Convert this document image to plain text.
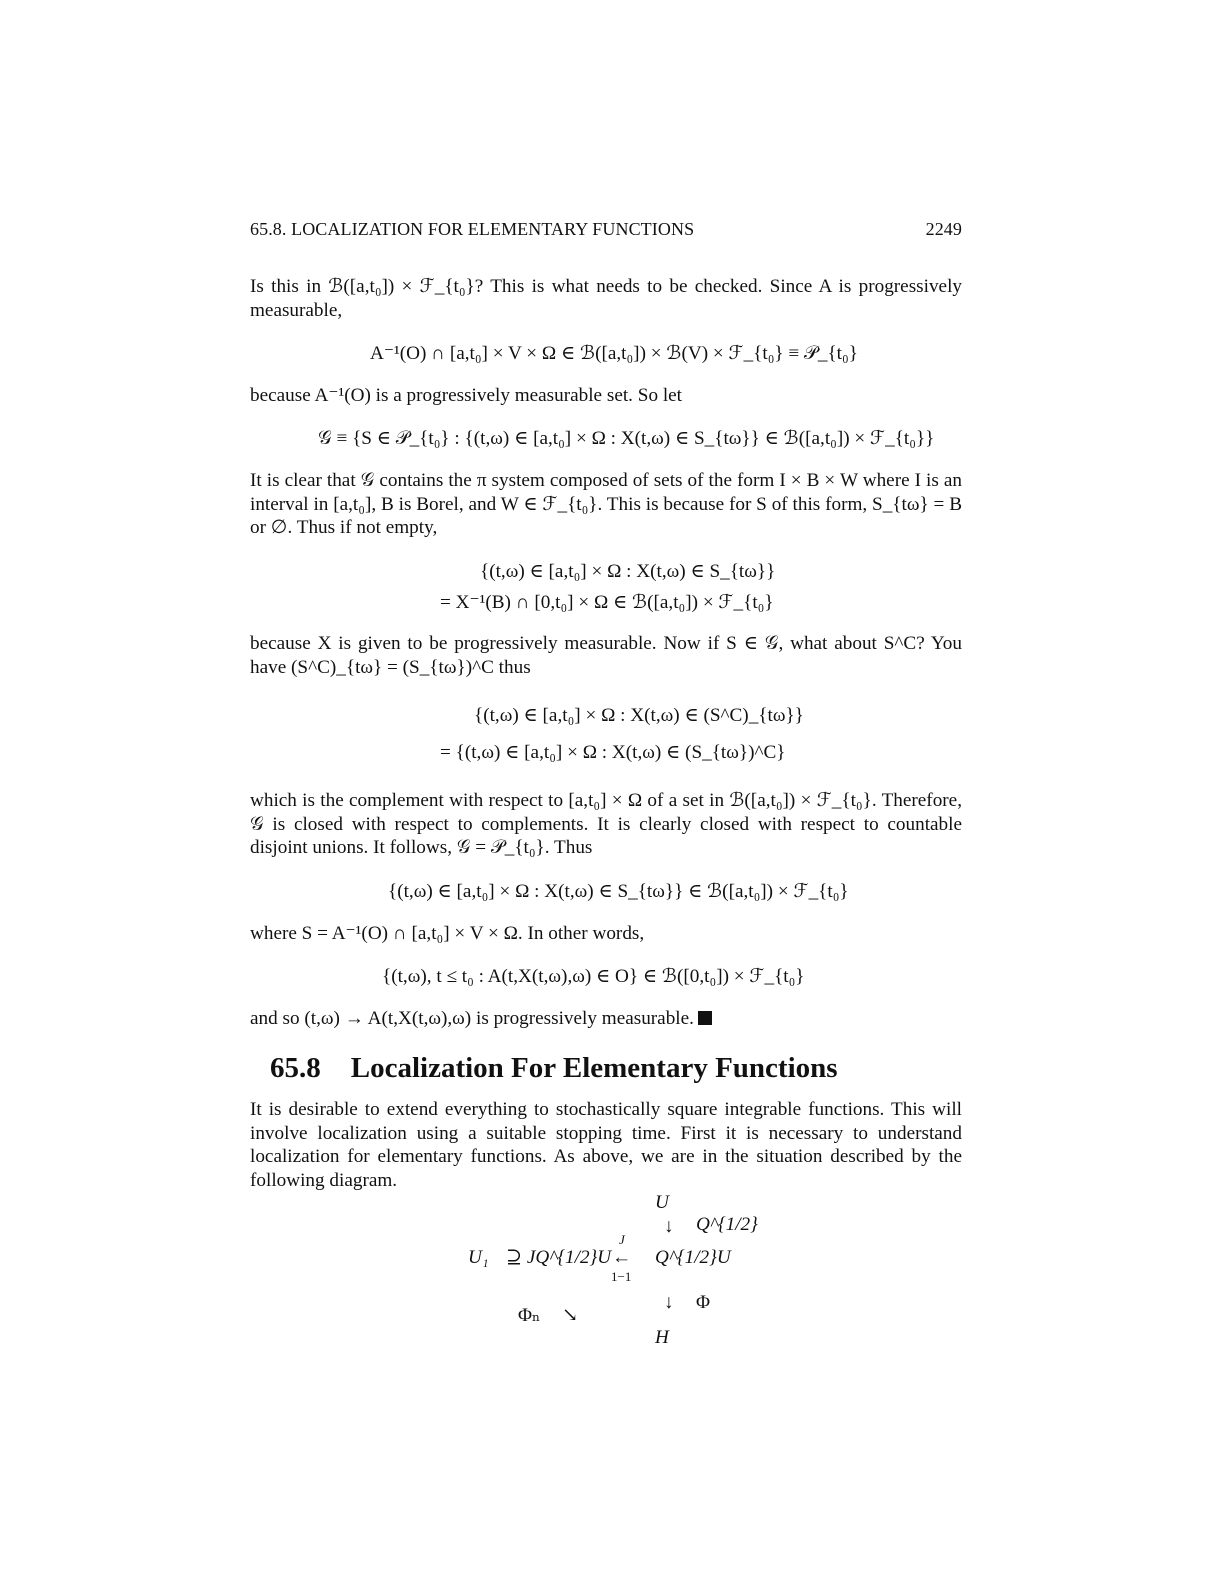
65.8. LOCALIZATION FOR ELEMENTARY FUNCTIONS	2249
Is this in ℬ([a,t₀]) × ℱ_{t₀}? This is what needs to be checked. Since A is progressively measurable,
A⁻¹(O) ∩ [a,t₀] × V × Ω ∈ ℬ([a,t₀]) × ℬ(V) × ℱ_{t₀} ≡ 𝒫_{t₀}
because A⁻¹(O) is a progressively measurable set. So let
𝒢 ≡ {S ∈ 𝒫_{t₀} : {(t,ω) ∈ [a,t₀] × Ω : X(t,ω) ∈ S_{tω}} ∈ ℬ([a,t₀]) × ℱ_{t₀}}
It is clear that 𝒢 contains the π system composed of sets of the form I × B × W where I is an interval in [a,t₀], B is Borel, and W ∈ ℱ_{t₀}. This is because for S of this form, S_{tω} = B or ∅. Thus if not empty,
{(t,ω) ∈ [a,t₀] × Ω : X(t,ω) ∈ S_{tω}}
= X⁻¹(B) ∩ [0,t₀] × Ω ∈ ℬ([a,t₀]) × ℱ_{t₀}
because X is given to be progressively measurable. Now if S ∈ 𝒢, what about S^C? You have (S^C)_{tω} = (S_{tω})^C thus
{(t,ω) ∈ [a,t₀] × Ω : X(t,ω) ∈ (S^C)_{tω}}
= {(t,ω) ∈ [a,t₀] × Ω : X(t,ω) ∈ (S_{tω})^C}
which is the complement with respect to [a,t₀] × Ω of a set in ℬ([a,t₀]) × ℱ_{t₀}. Therefore, 𝒢 is closed with respect to complements. It is clearly closed with respect to countable disjoint unions. It follows, 𝒢 = 𝒫_{t₀}. Thus
{(t,ω) ∈ [a,t₀] × Ω : X(t,ω) ∈ S_{tω}} ∈ ℬ([a,t₀]) × ℱ_{t₀}
where S = A⁻¹(O) ∩ [a,t₀] × V × Ω. In other words,
{(t,ω), t ≤ t₀ : A(t,X(t,ω),ω) ∈ O} ∈ ℬ([0,t₀]) × ℱ_{t₀}
and so (t,ω) → A(t,X(t,ω),ω) is progressively measurable.
65.8 Localization For Elementary Functions
It is desirable to extend everything to stochastically square integrable functions. This will involve localization using a suitable stopping time. First it is necessary to understand localization for elementary functions. As above, we are in the situation described by the following diagram.
U
↓ Q^{1/2}
U₁ ⊇ JQ^{1/2}U
J
←
1−1
Q^{1/2}U
↓ Φ
Φₙ ↘
H
